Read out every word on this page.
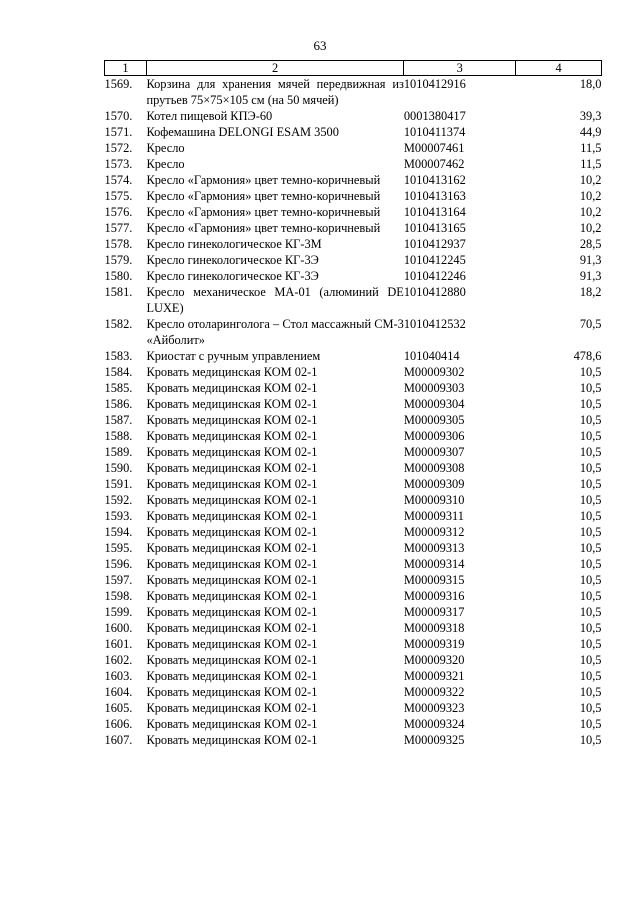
63
1	2	3	4
1569.	Корзина для хранения мячей передвижная из прутьев 75×75×105 см (на 50 мячей)	1010412916	18,0
1570.	Котел пищевой КПЭ-60	0001380417	39,3
1571.	Кофемашина DELONGI ESAM 3500	1010411374	44,9
1572.	Кресло	М00007461	11,5
1573.	Кресло	М00007462	11,5
1574.	Кресло «Гармония» цвет темно-коричневый	1010413162	10,2
1575.	Кресло «Гармония» цвет темно-коричневый	1010413163	10,2
1576.	Кресло «Гармония» цвет темно-коричневый	1010413164	10,2
1577.	Кресло «Гармония» цвет темно-коричневый	1010413165	10,2
1578.	Кресло гинекологическое КГ-3М	1010412937	28,5
1579.	Кресло гинекологическое КГ-3Э	1010412245	91,3
1580.	Кресло гинекологическое КГ-3Э	1010412246	91,3
1581.	Кресло механическое МА-01 (алюминий DE LUXE)	1010412880	18,2
1582.	Кресло отоларинголога – Стол массажный СМ-3 «Айболит»	1010412532	70,5
1583.	Криостат с ручным управлением	101040414	478,6
1584.	Кровать медицинская КОМ 02-1	М00009302	10,5
1585.	Кровать медицинская КОМ 02-1	М00009303	10,5
1586.	Кровать медицинская КОМ 02-1	М00009304	10,5
1587.	Кровать медицинская КОМ 02-1	М00009305	10,5
1588.	Кровать медицинская КОМ 02-1	М00009306	10,5
1589.	Кровать медицинская КОМ 02-1	М00009307	10,5
1590.	Кровать медицинская КОМ 02-1	М00009308	10,5
1591.	Кровать медицинская КОМ 02-1	М00009309	10,5
1592.	Кровать медицинская КОМ 02-1	М00009310	10,5
1593.	Кровать медицинская КОМ 02-1	М00009311	10,5
1594.	Кровать медицинская КОМ 02-1	М00009312	10,5
1595.	Кровать медицинская КОМ 02-1	М00009313	10,5
1596.	Кровать медицинская КОМ 02-1	М00009314	10,5
1597.	Кровать медицинская КОМ 02-1	М00009315	10,5
1598.	Кровать медицинская КОМ 02-1	М00009316	10,5
1599.	Кровать медицинская КОМ 02-1	М00009317	10,5
1600.	Кровать медицинская КОМ 02-1	М00009318	10,5
1601.	Кровать медицинская КОМ 02-1	М00009319	10,5
1602.	Кровать медицинская КОМ 02-1	М00009320	10,5
1603.	Кровать медицинская КОМ 02-1	М00009321	10,5
1604.	Кровать медицинская КОМ 02-1	М00009322	10,5
1605.	Кровать медицинская КОМ 02-1	М00009323	10,5
1606.	Кровать медицинская КОМ 02-1	М00009324	10,5
1607.	Кровать медицинская КОМ 02-1	М00009325	10,5
